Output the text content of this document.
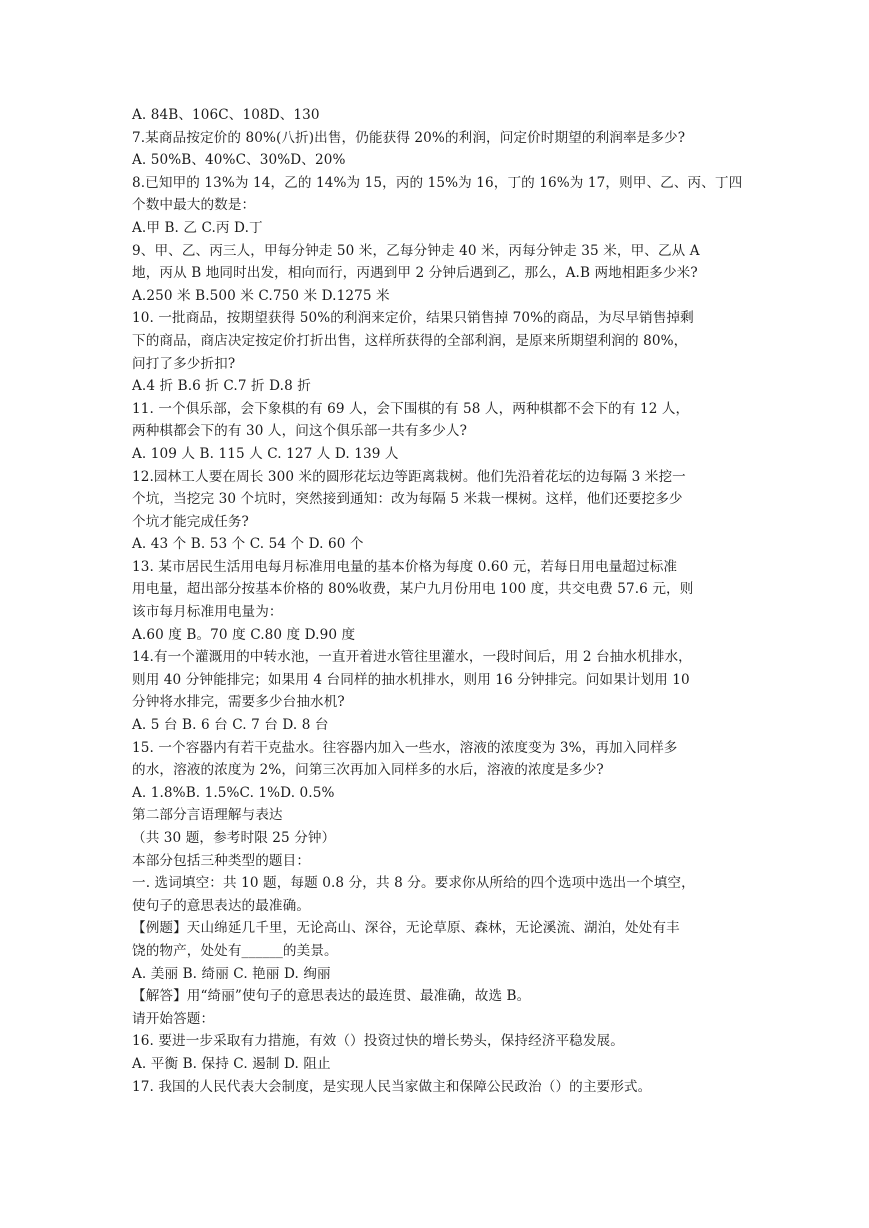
A. 84B、106C、108D、130
7.某商品按定价的 80%(八折)出售，仍能获得 20%的利润，问定价时期望的利润率是多少?
A. 50%B、40%C、30%D、20%
8.已知甲的 13%为 14，乙的 14%为 15，丙的 15%为 16，丁的 16%为 17，则甲、乙、丙、丁四
个数中最大的数是：
A.甲 B. 乙 C.丙 D.丁
9、甲、乙、丙三人，甲每分钟走 50 米，乙每分钟走 40 米，丙每分钟走 35 米，甲、乙从 A
地，丙从 B 地同时出发，相向而行，丙遇到甲 2 分钟后遇到乙，那么，A.B 两地相距多少米?
A.250 米 B.500 米 C.750 米 D.1275 米
10. 一批商品，按期望获得 50%的利润来定价，结果只销售掉 70%的商品，为尽早销售掉剩
下的商品，商店决定按定价打折出售，这样所获得的全部利润，是原来所期望利润的 80%，
问打了多少折扣?
A.4 折 B.6 折 C.7 折 D.8 折
11. 一个俱乐部，会下象棋的有 69 人，会下围棋的有 58 人，两种棋都不会下的有 12 人，
两种棋都会下的有 30 人，问这个俱乐部一共有多少人?
A. 109 人 B. 115 人 C. 127 人 D. 139 人
12.园林工人要在周长 300 米的圆形花坛边等距离栽树。他们先沿着花坛的边每隔 3 米挖一
个坑，当挖完 30 个坑时，突然接到通知：改为每隔 5 米栽一棵树。这样，他们还要挖多少
个坑才能完成任务?
A. 43 个 B. 53 个 C. 54 个 D. 60 个
13. 某市居民生活用电每月标准用电量的基本价格为每度 0.60 元，若每日用电量超过标准
用电量，超出部分按基本价格的 80%收费，某户九月份用电 100 度，共交电费 57.6 元，则
该市每月标准用电量为：
A.60 度 B。70 度 C.80 度 D.90 度
14.有一个灌溉用的中转水池，一直开着进水管往里灌水，一段时间后，用 2 台抽水机排水，
则用 40 分钟能排完；如果用 4 台同样的抽水机排水，则用 16 分钟排完。问如果计划用 10
分钟将水排完，需要多少台抽水机?
A. 5 台 B. 6 台 C. 7 台 D. 8 台
15. 一个容器内有若干克盐水。往容器内加入一些水，溶液的浓度变为 3%，再加入同样多
的水，溶液的浓度为 2%，问第三次再加入同样多的水后，溶液的浓度是多少?
A. 1.8%B. 1.5%C. 1%D. 0.5%
第二部分言语理解与表达
（共 30 题，参考时限 25 分钟）
本部分包括三种类型的题目：
一. 选词填空：共 10 题，每题 0.8 分，共 8 分。要求你从所给的四个选项中选出一个填空，
使句子的意思表达的最准确。
【例题】天山绵延几千里，无论高山、深谷，无论草原、森林，无论溪流、湖泊，处处有丰
饶的物产，处处有______的美景。
A. 美丽 B. 绮丽 C. 艳丽 D. 绚丽
【解答】用“绮丽”使句子的意思表达的最连贯、最准确，故选 B。
请开始答题：
16. 要进一步采取有力措施，有效（）投资过快的增长势头，保持经济平稳发展。
A. 平衡 B. 保持 C. 遏制 D. 阻止
17. 我国的人民代表大会制度，是实现人民当家做主和保障公民政治（）的主要形式。
